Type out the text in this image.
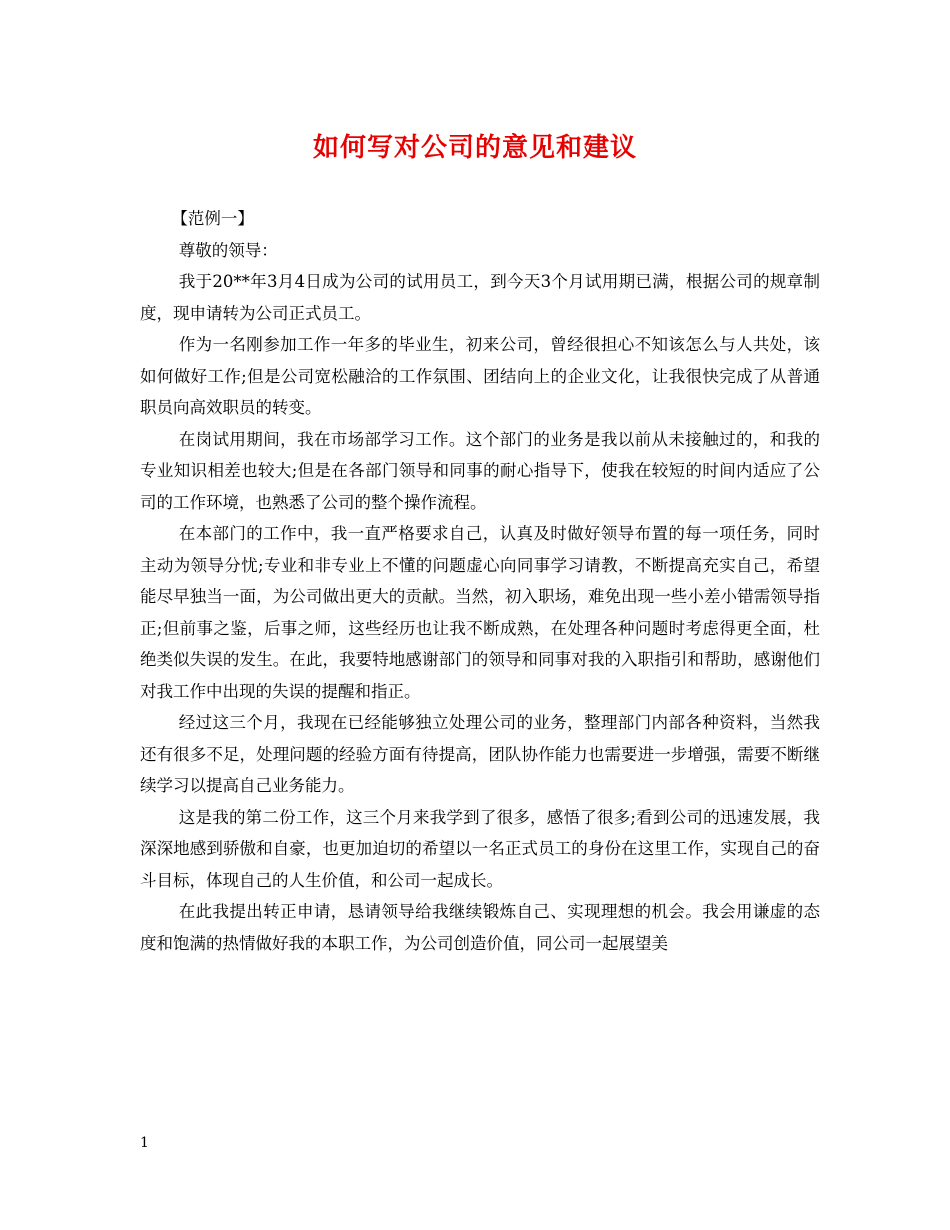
如何写对公司的意见和建议

【范例一】

尊敬的领导：

我于20**年3月4日成为公司的试用员工，到今天3个月试用期已满，根据公司的规章制度，现申请转为公司正式员工。

作为一名刚参加工作一年多的毕业生，初来公司，曾经很担心不知该怎么与人共处，该如何做好工作;但是公司宽松融洽的工作氛围、团结向上的企业文化，让我很快完成了从普通职员向高效职员的转变。

在岗试用期间，我在市场部学习工作。这个部门的业务是我以前从未接触过的，和我的专业知识相差也较大;但是在各部门领导和同事的耐心指导下，使我在较短的时间内适应了公司的工作环境，也熟悉了公司的整个操作流程。

在本部门的工作中，我一直严格要求自己，认真及时做好领导布置的每一项任务，同时主动为领导分忧;专业和非专业上不懂的问题虚心向同事学习请教，不断提高充实自己，希望能尽早独当一面，为公司做出更大的贡献。当然，初入职场，难免出现一些小差小错需领导指正;但前事之鉴，后事之师，这些经历也让我不断成熟，在处理各种问题时考虑得更全面，杜绝类似失误的发生。在此，我要特地感谢部门的领导和同事对我的入职指引和帮助，感谢他们对我工作中出现的失误的提醒和指正。

经过这三个月，我现在已经能够独立处理公司的业务，整理部门内部各种资料，当然我还有很多不足，处理问题的经验方面有待提高，团队协作能力也需要进一步增强，需要不断继续学习以提高自己业务能力。

这是我的第二份工作，这三个月来我学到了很多，感悟了很多;看到公司的迅速发展，我深深地感到骄傲和自豪，也更加迫切的希望以一名正式员工的身份在这里工作，实现自己的奋斗目标，体现自己的人生价值，和公司一起成长。

在此我提出转正申请，恳请领导给我继续锻炼自己、实现理想的机会。我会用谦虚的态度和饱满的热情做好我的本职工作，为公司创造价值，同公司一起展望美

1
